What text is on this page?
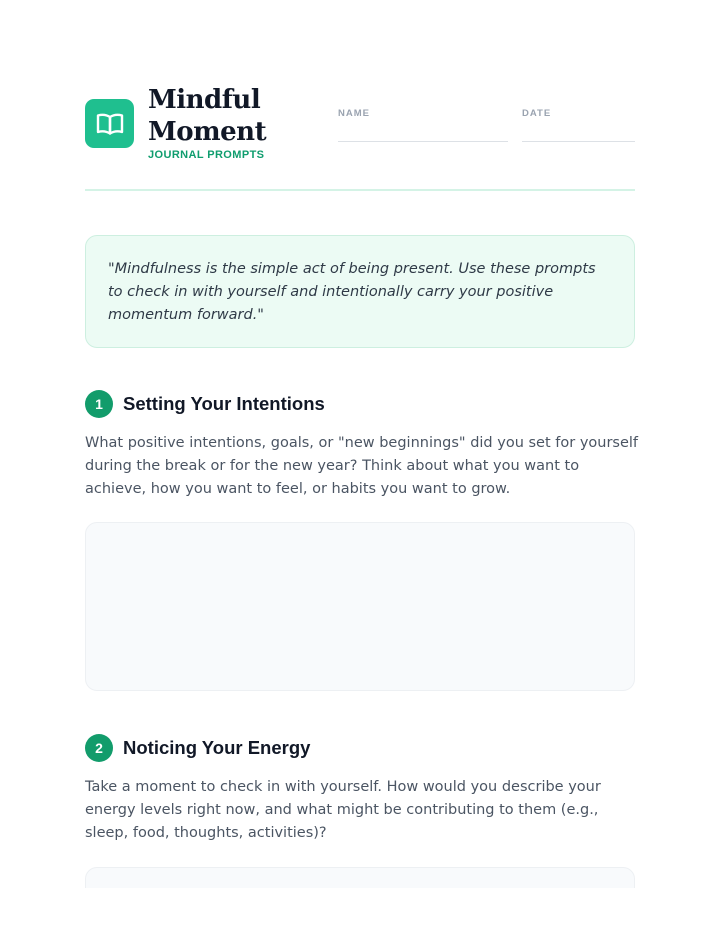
Mindful
Moment
JOURNAL PROMPTS
NAME	DATE
"Mindfulness is the simple act of being present. Use these prompts to check in with yourself and intentionally carry your positive momentum forward."
1	Setting Your Intentions
What positive intentions, goals, or "new beginnings" did you set for yourself during the break or for the new year? Think about what you want to achieve, how you want to feel, or habits you want to grow.
2	Noticing Your Energy
Take a moment to check in with yourself. How would you describe your energy levels right now, and what might be contributing to them (e.g., sleep, food, thoughts, activities)?
